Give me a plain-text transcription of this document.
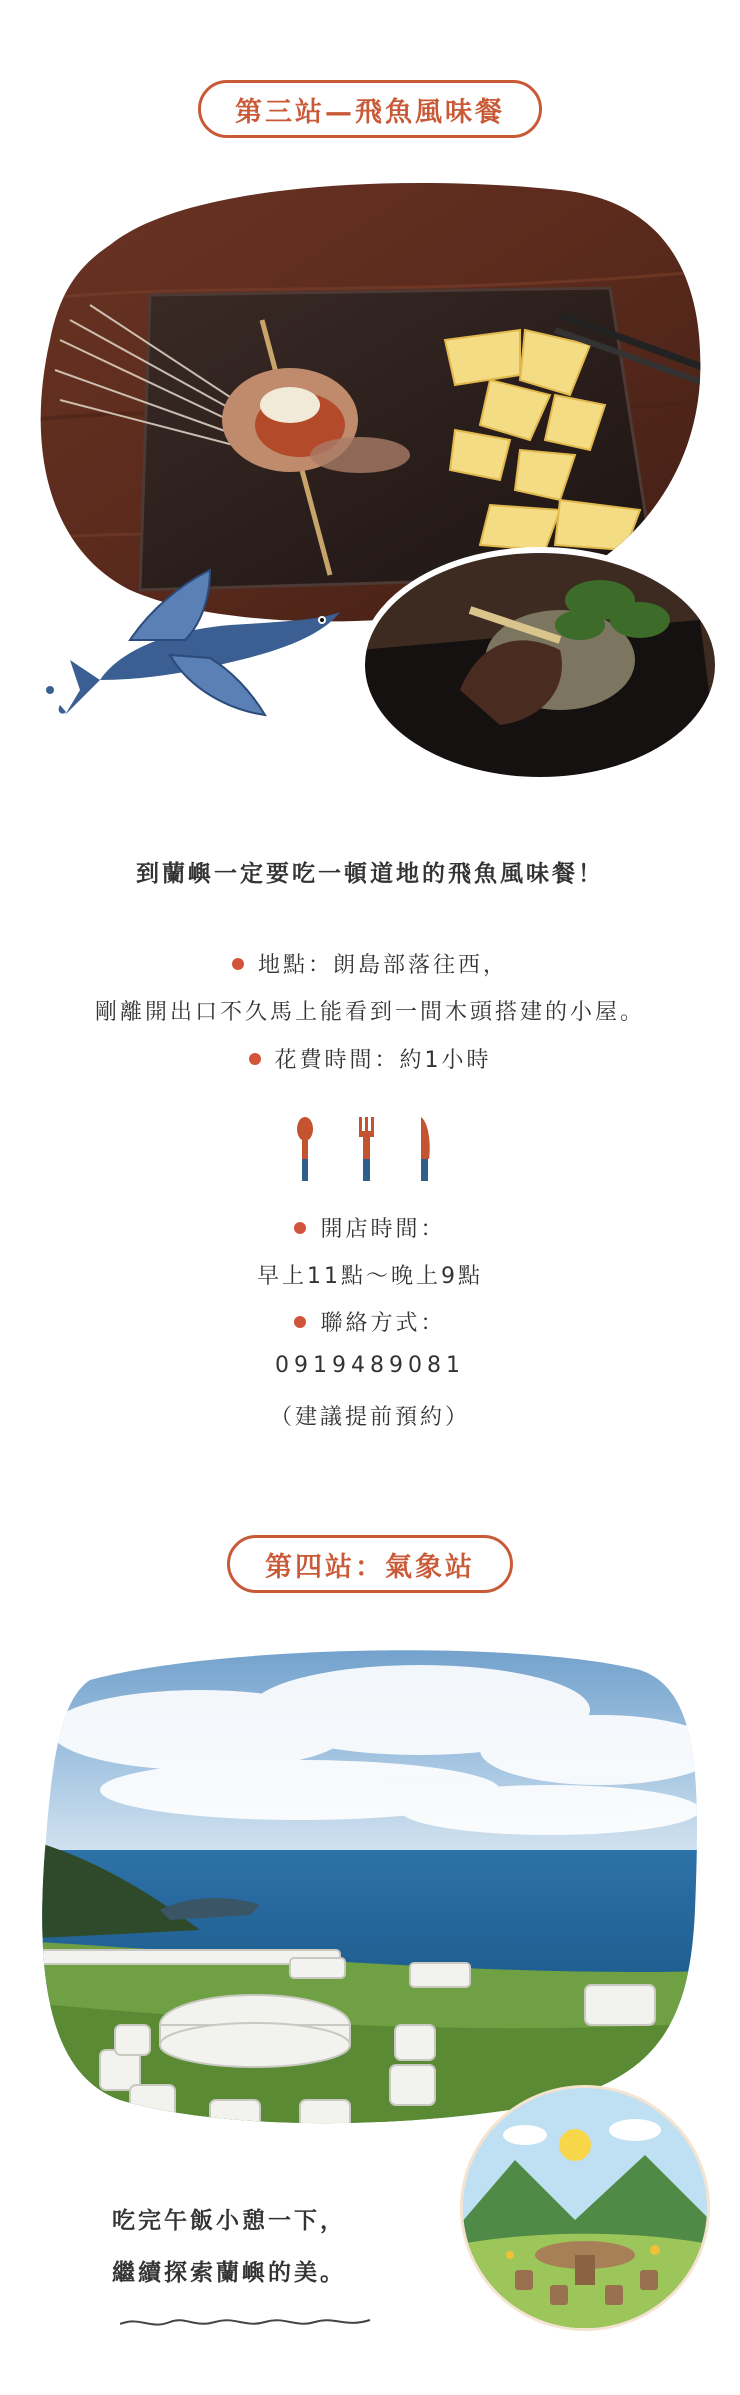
第三站—飛魚風味餐
到蘭嶼一定要吃一頓道地的飛魚風味餐！
地點：朗島部落往西，
剛離開出口不久馬上能看到一間木頭搭建的小屋。
花費時間：約1小時
開店時間：
早上11點～晚上9點
聯絡方式：
0919489081
（建議提前預約）
第四站：氣象站
吃完午飯小憩一下，
繼續探索蘭嶼的美。
